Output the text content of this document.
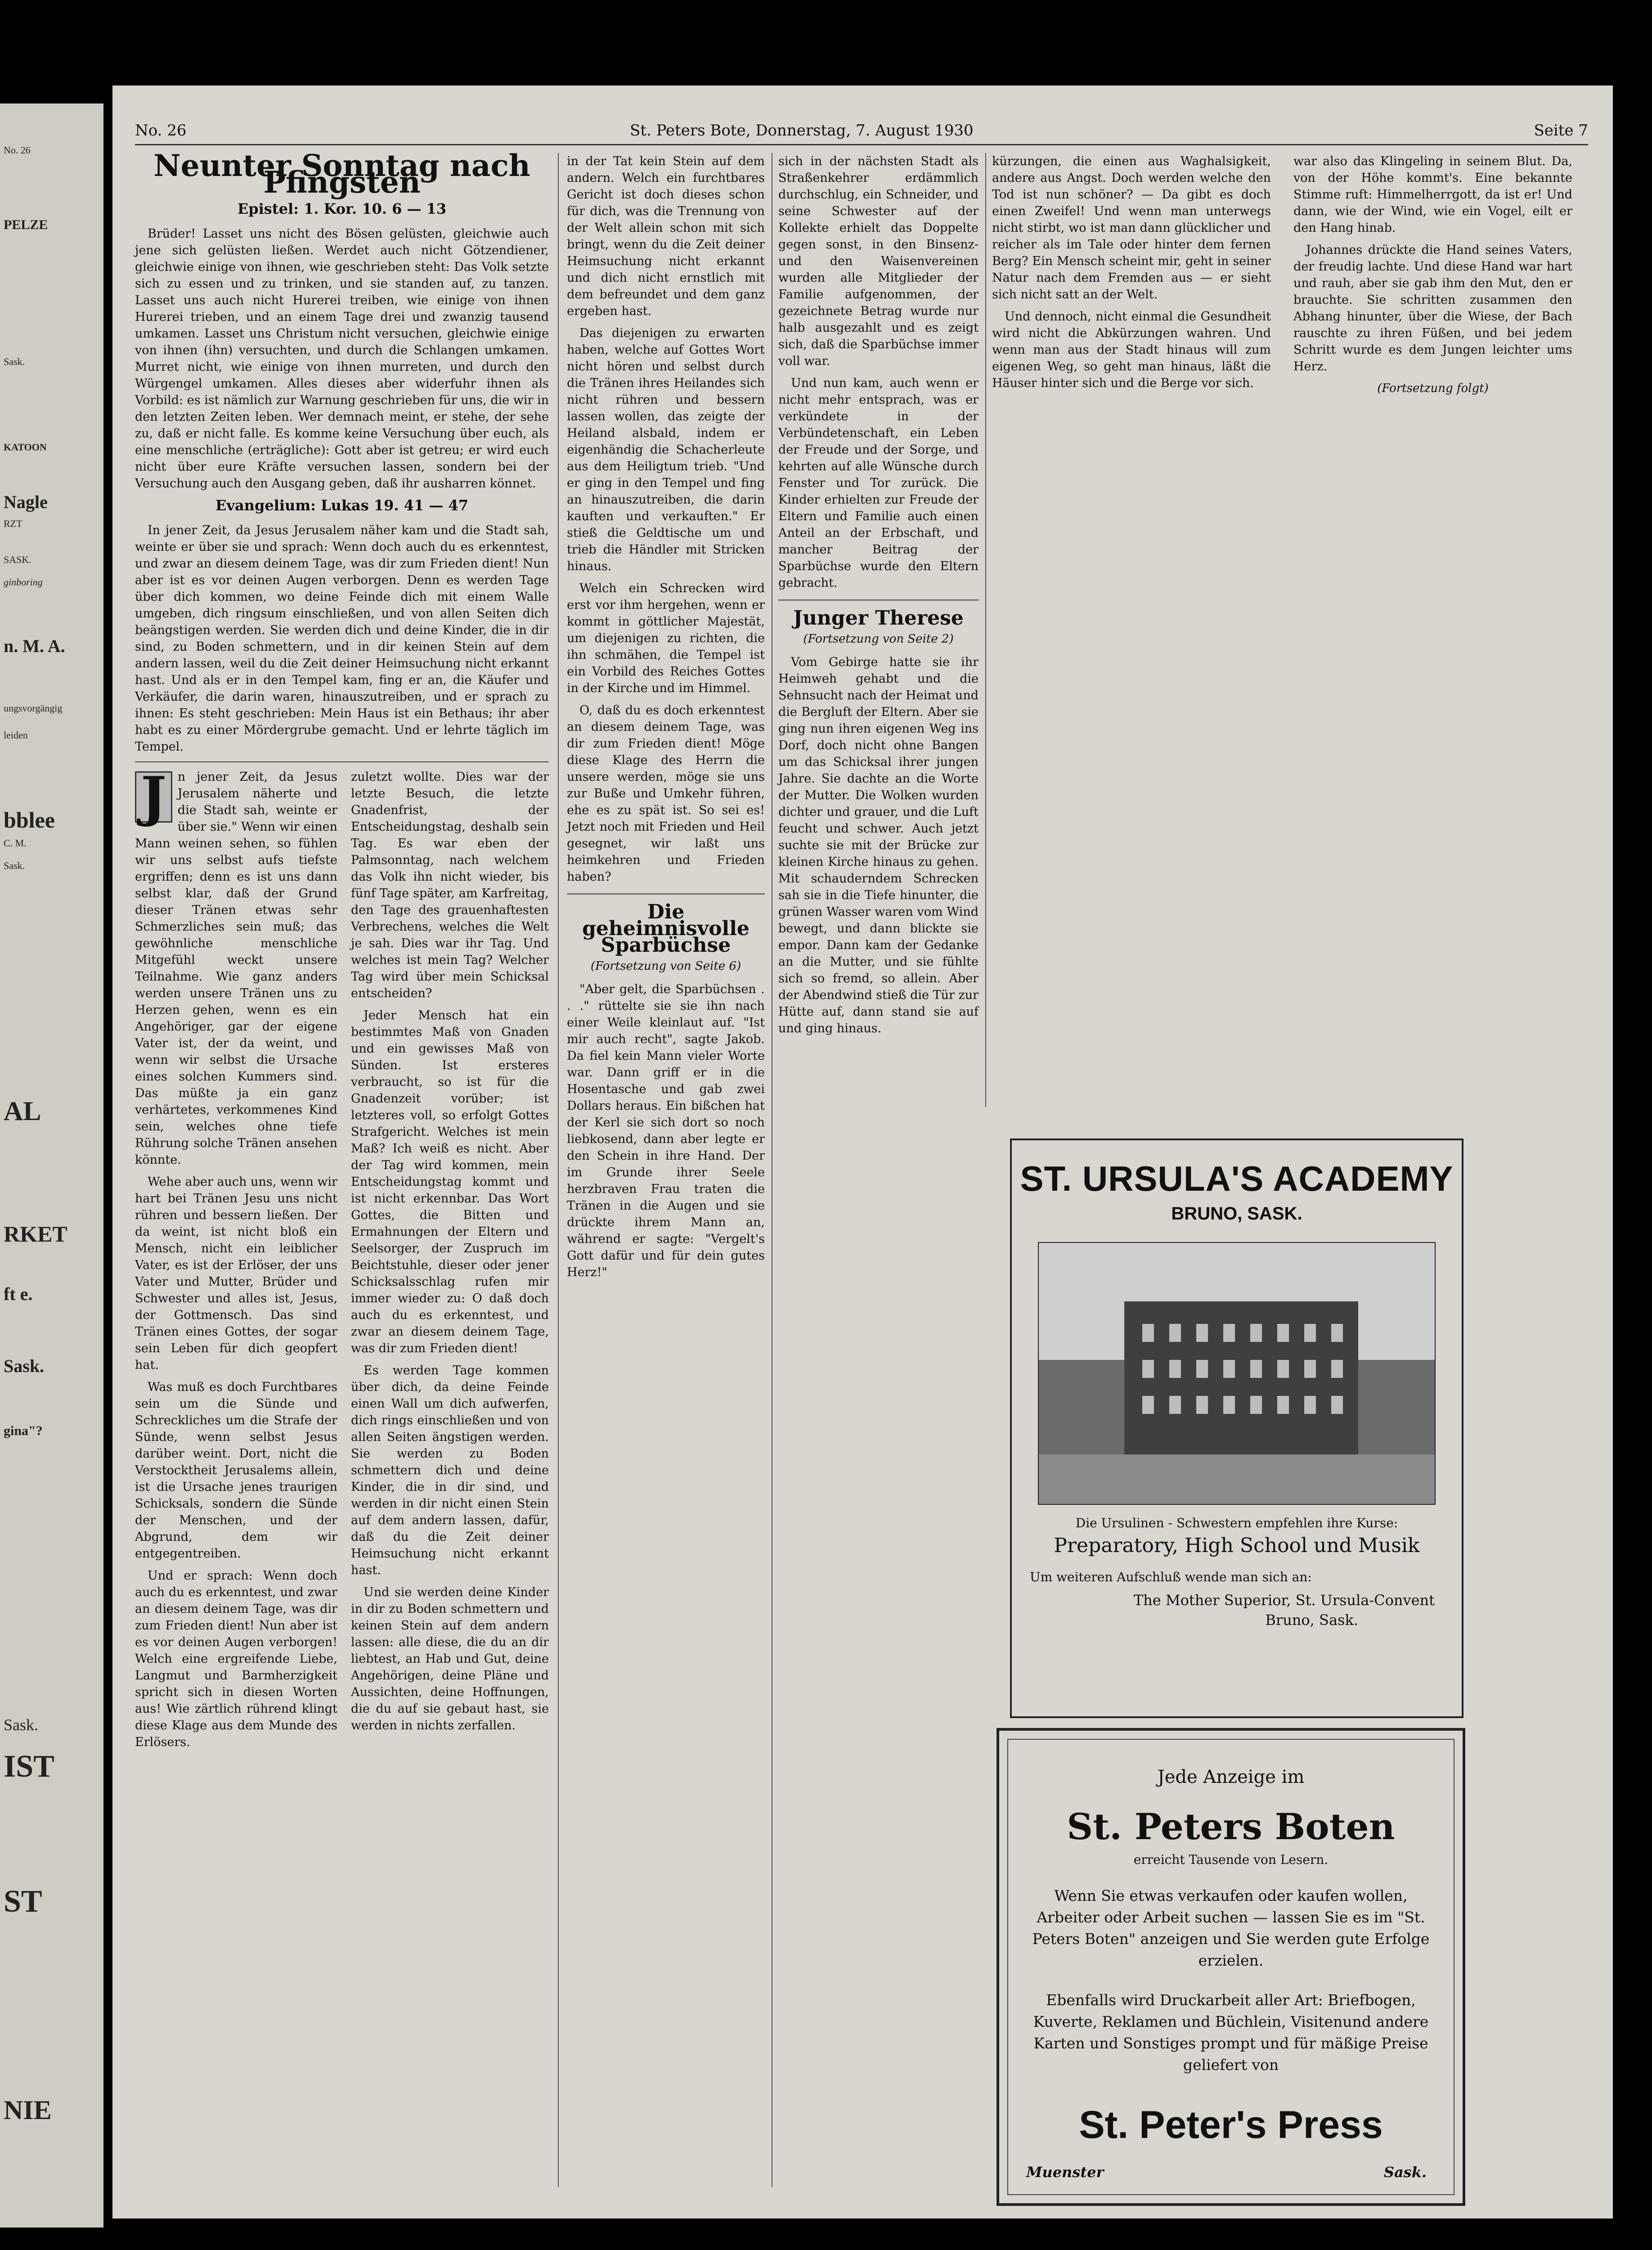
No. 26
PELZE
Sask.
KATOON
Nagle
RZT
SASK.
ginboring
n. M. A.
ungsvorgängig
leiden
bblee
C. M.
Sask.
AL
RKET
ft e.
Sask.
gina"?
Sask.
IST
ST
NIE
No. 26	St. Peters Bote, Donnerstag, 7. August 1930	Seite 7
Neunter Sonntag nach Pfingsten
Epistel: 1. Kor. 10. 6 — 13

Brüder! Lasset uns nicht des Bösen gelüsten, gleichwie auch jene sich gelüsten ließen. Werdet auch nicht Götzendiener, gleichwie einige von ihnen, wie geschrieben steht: Das Volk setzte sich zu essen und zu trinken, und sie standen auf, zu tanzen. Lasset uns auch nicht Hurerei treiben, wie einige von ihnen Hurerei trieben, und an einem Tage drei und zwanzig tausend umkamen. Lasset uns Christum nicht versuchen, gleichwie einige von ihnen (ihn) versuchten, und durch die Schlangen umkamen. Murret nicht, wie einige von ihnen murreten, und durch den Würgengel umkamen. Alles dieses aber widerfuhr ihnen als Vorbild: es ist nämlich zur Warnung geschrieben für uns, die wir in den letzten Zeiten leben. Wer demnach meint, er stehe, der sehe zu, daß er nicht falle. Es komme keine Versuchung über euch, als eine menschliche (erträgliche): Gott aber ist getreu; er wird euch nicht über eure Kräfte versuchen lassen, sondern bei der Versuchung auch den Ausgang geben, daß ihr ausharren könnet.

Evangelium: Lukas 19. 41 — 47

In jener Zeit, da Jesus Jerusalem näher kam und die Stadt sah, weinte er über sie und sprach: Wenn doch auch du es erkenntest, und zwar an diesem deinem Tage, was dir zum Frieden dient! Nun aber ist es vor deinen Augen verborgen. Denn es werden Tage über dich kommen, wo deine Feinde dich mit einem Walle umgeben, dich ringsum einschließen, und von allen Seiten dich beängstigen werden. Sie werden dich und deine Kinder, die in dir sind, zu Boden schmettern, und in dir keinen Stein auf dem andern lassen, weil du die Zeit deiner Heimsuchung nicht erkannt hast. Und als er in den Tempel kam, fing er an, die Käufer und Verkäufer, die darin waren, hinauszutreiben, und er sprach zu ihnen: Es steht geschrieben: Mein Haus ist ein Bethaus; ihr aber habt es zu einer Mördergrube gemacht. Und er lehrte täglich im Tempel.

J n jener Zeit, da Jesus Jerusalem näherte und die Stadt sah, weinte er über sie." Wenn wir einen Mann weinen sehen, so fühlen wir uns selbst aufs tiefste ergriffen; denn es ist uns dann selbst klar, daß der Grund dieser Tränen etwas sehr Schmerzliches sein muß; das gewöhnliche menschliche Mitgefühl weckt unsere Teilnahme. Wie ganz anders werden unsere Tränen uns zu Herzen gehen, wenn es ein Angehöriger, gar der eigene Vater ist, der da weint, und wenn wir selbst die Ursache eines solchen Kummers sind. Das müßte ja ein ganz verhärtetes, verkommenes Kind sein, welches ohne tiefe Rührung solche Tränen ansehen könnte.

Wehe aber auch uns, wenn wir hart bei Tränen Jesu uns nicht rühren und bessern ließen. Der da weint, ist nicht bloß ein Mensch, nicht ein leiblicher Vater, es ist der Erlöser, der uns Vater und Mutter, Brüder und Schwester und alles ist, Jesus, der Gottmensch. Das sind Tränen eines Gottes, der sogar sein Leben für dich geopfert hat.

Was muß es doch Furchtbares sein um die Sünde und Schreckliches um die Strafe der Sünde, wenn selbst Jesus darüber weint. Dort, nicht die Verstocktheit Jerusalems allein, ist die Ursache jenes traurigen Schicksals, sondern die Sünde der Menschen, und der Abgrund, dem wir entgegentreiben.

Und er sprach: Wenn doch auch du es erkenntest, und zwar an diesem deinem Tage, was dir zum Frieden dient! Nun aber ist es vor deinen Augen verborgen! Welch eine ergreifende Liebe, Langmut und Barmherzigkeit spricht sich in diesen Worten aus! Wie zärtlich rührend klingt diese Klage aus dem Munde des Erlösers.

zuletzt wollte. Dies war der letzte Besuch, die letzte Gnadenfrist, der Entscheidungstag, deshalb sein Tag. Es war eben der Palmsonntag, nach welchem das Volk ihn nicht wieder, bis fünf Tage später, am Karfreitag, den Tage des grauenhaftesten Verbrechens, welches die Welt je sah. Dies war ihr Tag. Und welches ist mein Tag? Welcher Tag wird über mein Schicksal entscheiden?

Jeder Mensch hat ein bestimmtes Maß von Gnaden und ein gewisses Maß von Sünden. Ist ersteres verbraucht, so ist für die Gnadenzeit vorüber; ist letzteres voll, so erfolgt Gottes Strafgericht. Welches ist mein Maß? Ich weiß es nicht. Aber der Tag wird kommen, mein Entscheidungstag kommt und ist nicht erkennbar. Das Wort Gottes, die Bitten und Ermahnungen der Eltern und Seelsorger, der Zuspruch im Beichtstuhle, dieser oder jener Schicksalsschlag rufen mir immer wieder zu: O daß doch auch du es erkenntest, und zwar an diesem deinem Tage, was dir zum Frieden dient!

Es werden Tage kommen über dich, da deine Feinde einen Wall um dich aufwerfen, dich rings einschließen und von allen Seiten ängstigen werden. Sie werden zu Boden schmettern dich und deine Kinder, die in dir sind, und werden in dir nicht einen Stein auf dem andern lassen, dafür, daß du die Zeit deiner Heimsuchung nicht erkannt hast.

Und sie werden deine Kinder in dir zu Boden schmettern und keinen Stein auf dem andern lassen: alle diese, die du an dir liebtest, an Hab und Gut, deine Angehörigen, deine Pläne und Aussichten, deine Hoffnungen, die du auf sie gebaut hast, sie werden in nichts zerfallen.

in der Tat kein Stein auf dem andern. Welch ein furchtbares Gericht ist doch dieses schon für dich, was die Trennung von der Welt allein schon mit sich bringt, wenn du die Zeit deiner Heimsuchung nicht erkannt und dich nicht ernstlich mit dem befreundet und dem ganz ergeben hast.

Das diejenigen zu erwarten haben, welche auf Gottes Wort nicht hören und selbst durch die Tränen ihres Heilandes sich nicht rühren und bessern lassen wollen, das zeigte der Heiland alsbald, indem er eigenhändig die Schacherleute aus dem Heiligtum trieb. "Und er ging in den Tempel und fing an hinauszutreiben, die darin kauften und verkauften." Er stieß die Geldtische um und trieb die Händler mit Stricken hinaus.

Welch ein Schrecken wird erst vor ihm hergehen, wenn er kommt in göttlicher Majestät, um diejenigen zu richten, die ihn schmähen, die Tempel ist ein Vorbild des Reiches Gottes in der Kirche und im Himmel.

O, daß du es doch erkenntest an diesem deinem Tage, was dir zum Frieden dient! Möge diese Klage des Herrn die unsere werden, möge sie uns zur Buße und Umkehr führen, ehe es zu spät ist. So sei es! Jetzt noch mit Frieden und Heil gesegnet, wir laßt uns heimkehren und Frieden haben?

Die geheimnisvolle Sparbüchse
(Fortsetzung von Seite 6)

"Aber gelt, die Sparbüchsen . . ." rüttelte sie sie ihn nach einer Weile kleinlaut auf. "Ist mir auch recht", sagte Jakob. Da fiel kein Mann vieler Worte war. Dann griff er in die Hosentasche und gab zwei Dollars heraus. Ein bißchen hat der Kerl sie sich dort so noch liebkosend, dann aber legte er den Schein in ihre Hand. Der im Grunde ihrer Seele herzbraven Frau traten die Tränen in die Augen und sie drückte ihrem Mann an, während er sagte: "Vergelt's Gott dafür und für dein gutes Herz!"

sich in der nächsten Stadt als Straßenkehrer erdämmlich durchschlug, ein Schneider, und seine Schwester auf der Kollekte erhielt das Doppelte gegen sonst, in den Binsenz- und den Waisenvereinen wurden alle Mitglieder der Familie aufgenommen, der gezeichnete Betrag wurde nur halb ausgezahlt und es zeigt sich, daß die Sparbüchse immer voll war.

Und nun kam, auch wenn er nicht mehr entsprach, was er verkündete in der Verbündetenschaft, ein Leben der Freude und der Sorge, und kehrten auf alle Wünsche durch Fenster und Tor zurück. Die Kinder erhielten zur Freude der Eltern und Familie auch einen Anteil an der Erbschaft, und mancher Beitrag der Sparbüchse wurde den Eltern gebracht.

Junger Therese
(Fortsetzung von Seite 2)

Vom Gebirge hatte sie ihr Heimweh gehabt und die Sehnsucht nach der Heimat und die Bergluft der Eltern. Aber sie ging nun ihren eigenen Weg ins Dorf, doch nicht ohne Bangen um das Schicksal ihrer jungen Jahre. Sie dachte an die Worte der Mutter. Die Wolken wurden dichter und grauer, und die Luft feucht und schwer. Auch jetzt suchte sie mit der Brücke zur kleinen Kirche hinaus zu gehen. Mit schauderndem Schrecken sah sie in die Tiefe hinunter, die grünen Wasser waren vom Wind bewegt, und dann blickte sie empor. Dann kam der Gedanke an die Mutter, und sie fühlte sich so fremd, so allein. Aber der Abendwind stieß die Tür zur Hütte auf, dann stand sie auf und ging hinaus.

kürzungen, die einen aus Waghalsigkeit, andere aus Angst. Doch werden welche den Tod ist nun schöner? — Da gibt es doch einen Zweifel! Und wenn man unterwegs nicht stirbt, wo ist man dann glücklicher und reicher als im Tale oder hinter dem fernen Berg? Ein Mensch scheint mir, geht in seiner Natur nach dem Fremden aus — er sieht sich nicht satt an der Welt.

Und dennoch, nicht einmal die Gesundheit wird nicht die Abkürzungen wahren. Und wenn man aus der Stadt hinaus will zum eigenen Weg, so geht man hinaus, läßt die Häuser hinter sich und die Berge vor sich.

war also das Klingeling in seinem Blut. Da, von der Höhe kommt's. Eine bekannte Stimme ruft: Himmelherrgott, da ist er! Und dann, wie der Wind, wie ein Vogel, eilt er den Hang hinab.

Johannes drückte die Hand seines Vaters, der freudig lachte. Und diese Hand war hart und rauh, aber sie gab ihm den Mut, den er brauchte. Sie schritten zusammen den Abhang hinunter, über die Wiese, der Bach rauschte zu ihren Füßen, und bei jedem Schritt wurde es dem Jungen leichter ums Herz.

(Fortsetzung folgt)
ST. URSULA'S ACADEMY
BRUNO, SASK.
Die Ursulinen - Schwestern empfehlen ihre Kurse:
Preparatory, High School und Musik
Um weiteren Aufschluß wende man sich an:
The Mother Superior, St. Ursula-Convent
Bruno, Sask.
Jede Anzeige im
St. Peters Boten
erreicht Tausende von Lesern.
Wenn Sie etwas verkaufen oder kaufen wollen, Arbeiter oder Arbeit suchen — lassen Sie es im "St. Peters Boten" anzeigen und Sie werden gute Erfolge erzielen.
Ebenfalls wird Druckarbeit aller Art: Briefbogen, Kuverte, Reklamen und Büchlein, Visitenund andere Karten und Sonstiges prompt und für mäßige Preise geliefert von
St. Peter's Press
Muenster	Sask.
